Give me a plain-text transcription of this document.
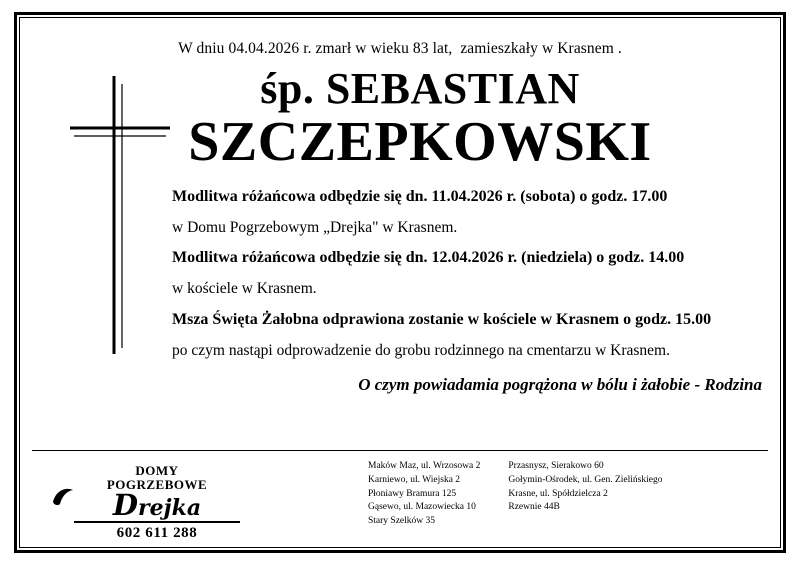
W dniu 04.04.2026 r. zmarł w wieku 83 lat,  zamieszkały w Krasnem .
śp. SEBASTIAN
SZCZEPKOWSKI
Modlitwa różańcowa odbędzie się dn. 11.04.2026 r. (sobota) o godz. 17.00
w Domu Pogrzebowym „Drejka" w Krasnem.
Modlitwa różańcowa odbędzie się dn. 12.04.2026 r. (niedziela) o godz. 14.00
w kościele w Krasnem.
Msza Święta Żałobna odprawiona zostanie w kościele w Krasnem o godz. 15.00
po czym nastąpi odprowadzenie do grobu rodzinnego na cmentarzu w Krasnem.
O czym powiadamia pogrążona w bólu i żałobie - Rodzina
DOMY
POGRZEBOWE
Drejka
602 611 288
Maków Maz, ul. Wrzosowa 2
Karniewo, ul. Wiejska 2
Płoniawy Bramura 125
Gąsewo, ul. Mazowiecka 10
Stary Szelków 35
Przasnysz, Sierakowo 60
Gołymin-Ośrodek, ul. Gen. Zielińskiego
Krasne, ul. Spółdzielcza 2
Rzewnie 44B
